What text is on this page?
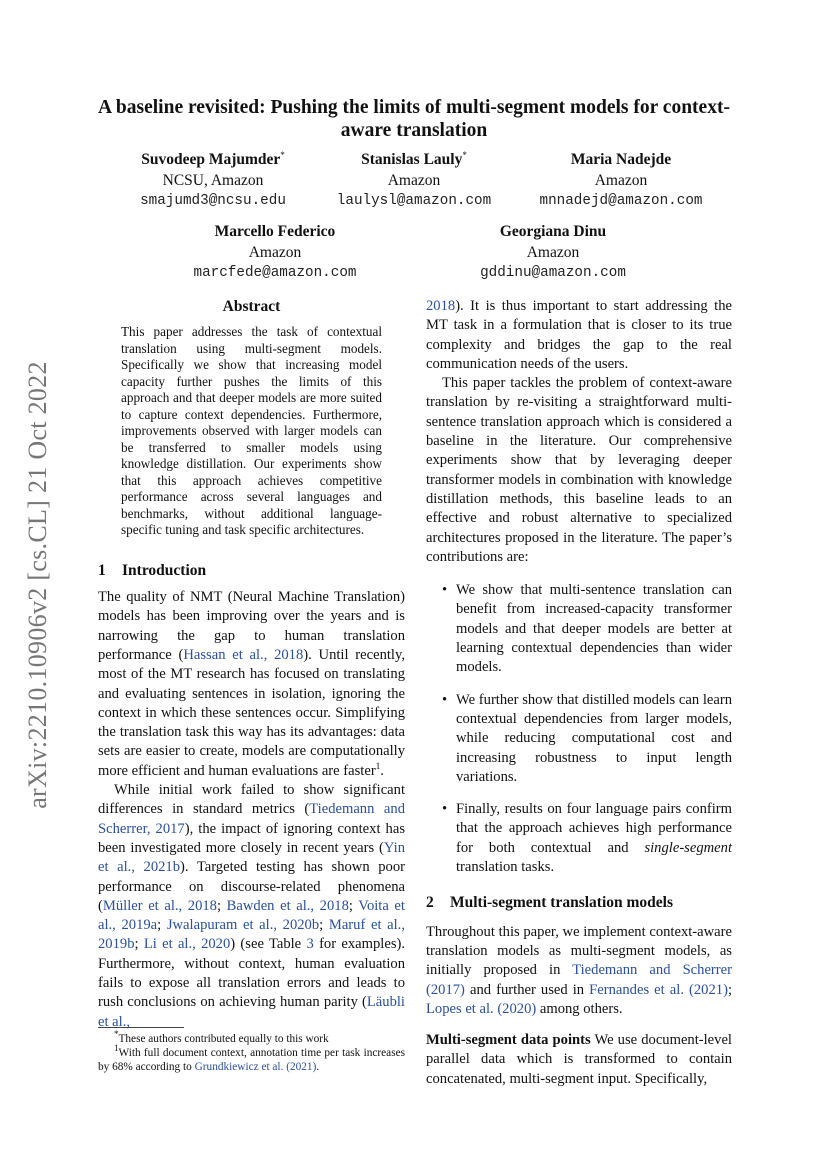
arXiv:2210.10906v2 [cs.CL] 21 Oct 2022
A baseline revisited: Pushing the limits of multi-segment models for context-aware translation
Suvodeep Majumder*
NCSU, Amazon
smajumd3@ncsu.edu
Stanislas Lauly*
Amazon
laulysl@amazon.com
Maria Nadejde
Amazon
mnnadejd@amazon.com
Marcello Federico
Amazon
marcfede@amazon.com
Georgiana Dinu
Amazon
gddinu@amazon.com
Abstract
This paper addresses the task of contextual translation using multi-segment models. Specifically we show that increasing model capacity further pushes the limits of this approach and that deeper models are more suited to capture context dependencies. Furthermore, improvements observed with larger models can be transferred to smaller models using knowledge distillation. Our experiments show that this approach achieves competitive performance across several languages and benchmarks, without additional language-specific tuning and task specific architectures.
1 Introduction

The quality of NMT (Neural Machine Translation) models has been improving over the years and is narrowing the gap to human translation performance (Hassan et al., 2018). Until recently, most of the MT research has focused on translating and evaluating sentences in isolation, ignoring the context in which these sentences occur. Simplifying the translation task this way has its advantages: data sets are easier to create, models are computationally more efficient and human evaluations are faster$^1$.

While initial work failed to show significant differences in standard metrics (Tiedemann and Scherrer, 2017), the impact of ignoring context has been investigated more closely in recent years (Yin et al., 2021b). Targeted testing has shown poor performance on discourse-related phenomena (Müller et al., 2018; Bawden et al., 2018; Voita et al., 2019a; Jwalapuram et al., 2020b; Maruf et al., 2019b; Li et al., 2020) (see Table 3 for examples). Furthermore, without context, human evaluation fails to expose all translation errors and leads to rush conclusions on achieving human parity (Läubli et al.,

*These authors contributed equally to this work
$^1$With full document context, annotation time per task increases by 68% according to Grundkiewicz et al. (2021).

2018). It is thus important to start addressing the MT task in a formulation that is closer to its true complexity and bridges the gap to the real communication needs of the users.

This paper tackles the problem of context-aware translation by re-visiting a straightforward multi-sentence translation approach which is considered a baseline in the literature. Our comprehensive experiments show that by leveraging deeper transformer models in combination with knowledge distillation methods, this baseline leads to an effective and robust alternative to specialized architectures proposed in the literature. The paper’s contributions are:

• We show that multi-sentence translation can benefit from increased-capacity transformer models and that deeper models are better at learning contextual dependencies than wider models.
• We further show that distilled models can learn contextual dependencies from larger models, while reducing computational cost and increasing robustness to input length variations.
• Finally, results on four language pairs confirm that the approach achieves high performance for both contextual and single-segment translation tasks.
2 Multi-segment translation models

Throughout this paper, we implement context-aware translation models as multi-segment models, as initially proposed in Tiedemann and Scherrer (2017) and further used in Fernandes et al. (2021); Lopes et al. (2020) among others.

Multi-segment data points We use document-level parallel data which is transformed to contain concatenated, multi-segment input. Specifically,
